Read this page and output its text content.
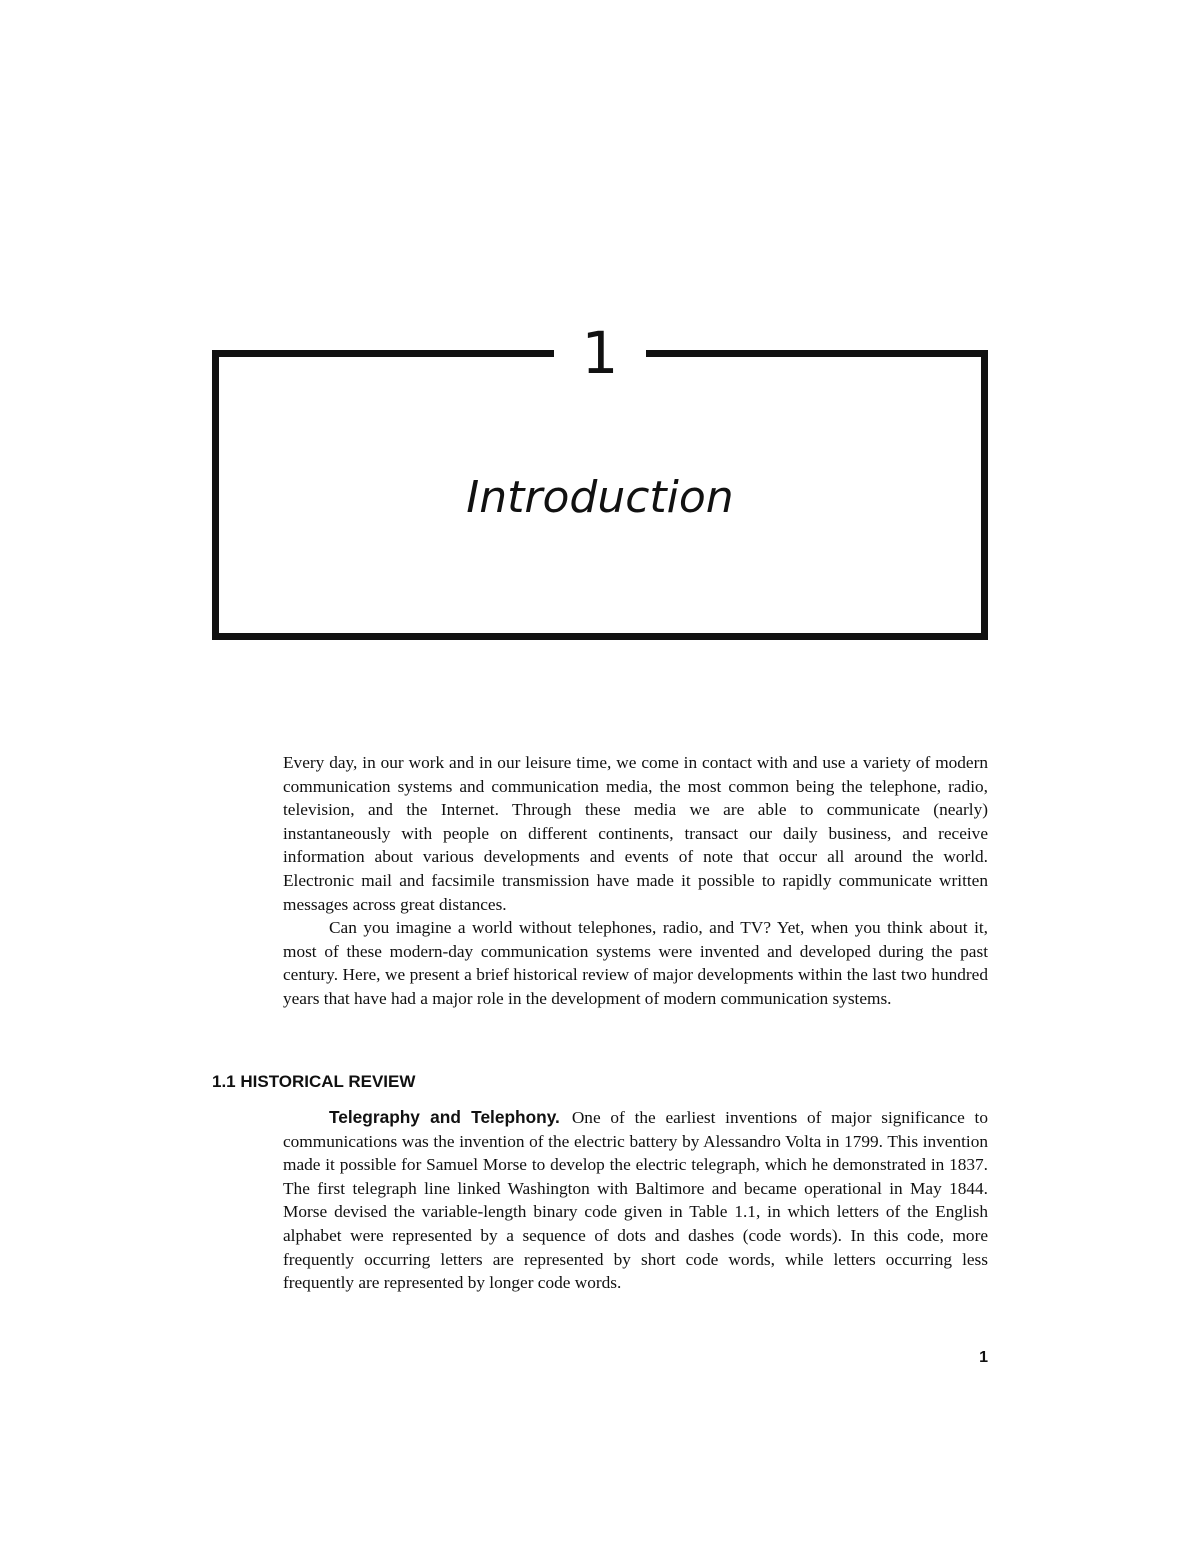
1
Introduction

Every day, in our work and in our leisure time, we come in contact with and use a variety of modern communication systems and communication media, the most common being the telephone, radio, television, and the Internet. Through these media we are able to communicate (nearly) instantaneously with people on different continents, transact our daily business, and receive information about various developments and events of note that occur all around the world. Electronic mail and facsimile transmission have made it possible to rapidly communicate written messages across great distances.

Can you imagine a world without telephones, radio, and TV? Yet, when you think about it, most of these modern-day communication systems were invented and developed during the past century. Here, we present a brief historical review of major developments within the last two hundred years that have had a major role in the development of modern communication systems.

1.1 HISTORICAL REVIEW

Telegraphy and Telephony. One of the earliest inventions of major significance to communications was the invention of the electric battery by Alessandro Volta in 1799. This invention made it possible for Samuel Morse to develop the electric telegraph, which he demonstrated in 1837. The first telegraph line linked Washington with Baltimore and became operational in May 1844. Morse devised the variable-length binary code given in Table 1.1, in which letters of the English alphabet were represented by a sequence of dots and dashes (code words). In this code, more frequently occurring letters are represented by short code words, while letters occurring less frequently are represented by longer code words.

1
